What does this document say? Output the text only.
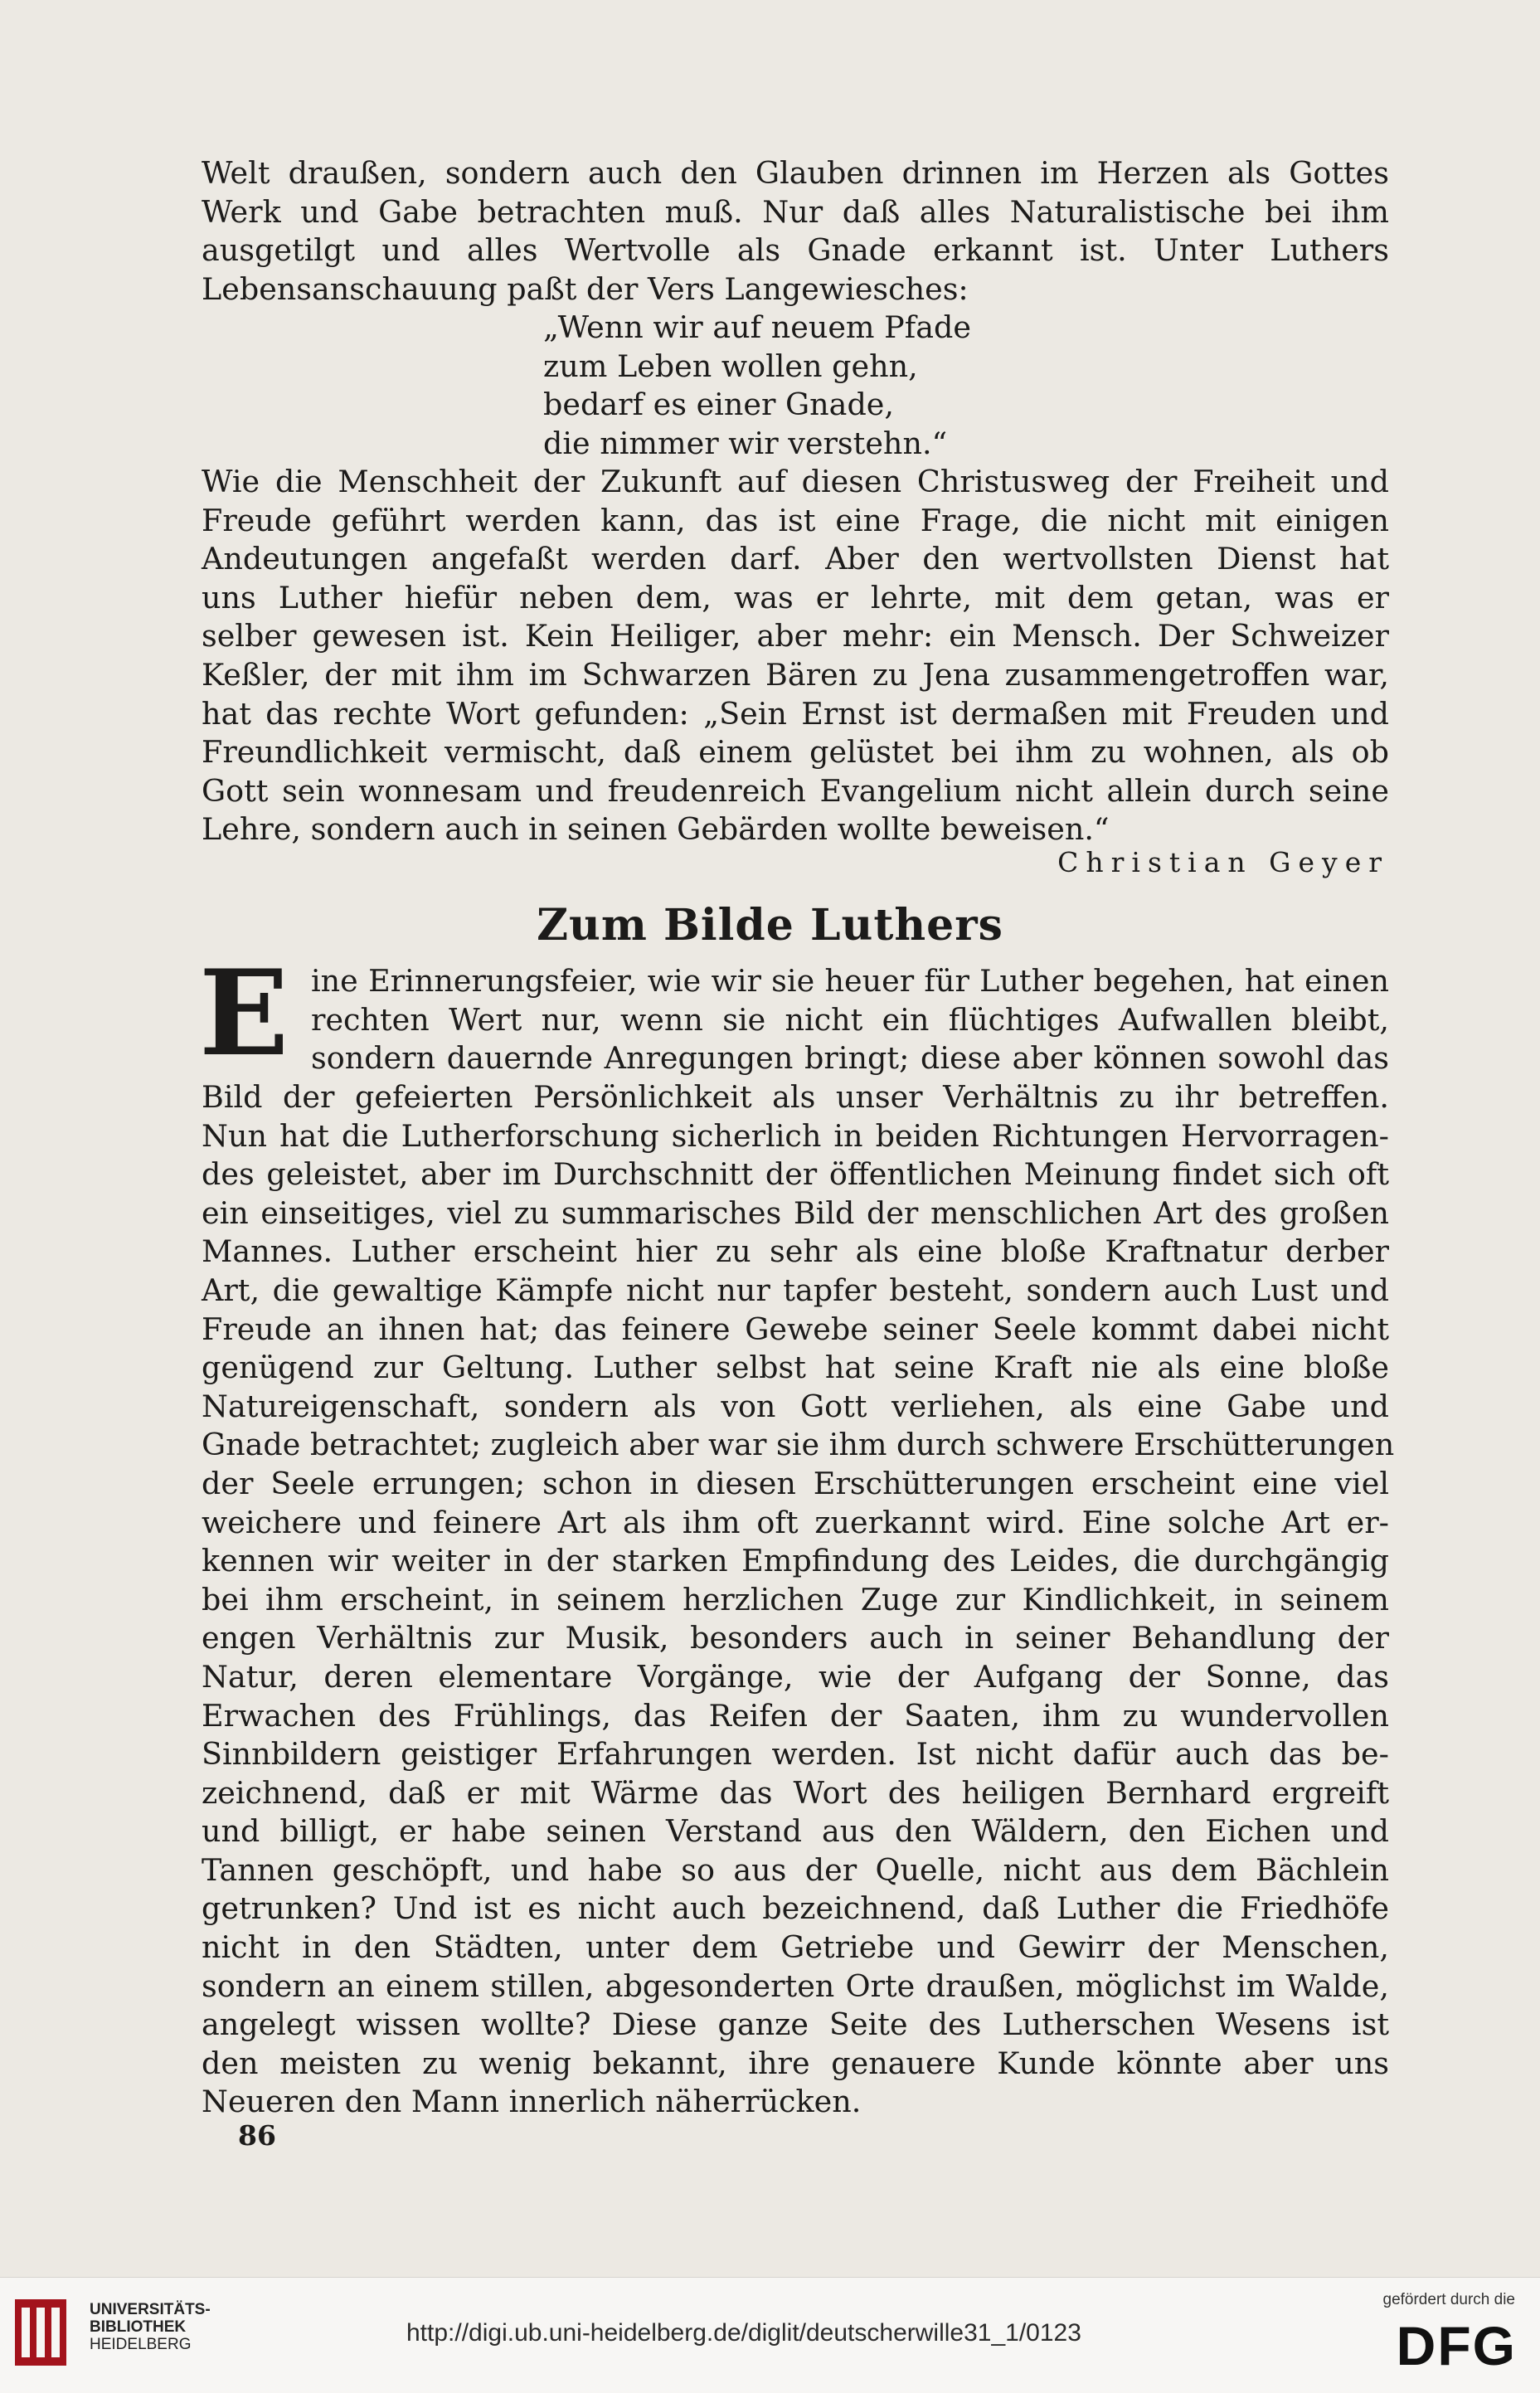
Welt draußen, sondern auch den Glauben drinnen im Herzen als Gottes

Werk und Gabe betrachten muß. Nur daß alles Naturalistische bei ihm

ausgetilgt und alles Wertvolle als Gnade erkannt ist. Unter Luthers

Lebensanschauung paßt der Vers Langewiesches:

„Wenn wir auf neuem Pfade

zum Leben wollen gehn,

bedarf es einer Gnade,

die nimmer wir verstehn.“

Wie die Menschheit der Zukunft auf diesen Christusweg der Freiheit und

Freude geführt werden kann, das ist eine Frage, die nicht mit einigen

Andeutungen angefaßt werden darf. Aber den wertvollsten Dienst hat

uns Luther hiefür neben dem, was er lehrte, mit dem getan, was er

selber gewesen ist. Kein Heiliger, aber mehr: ein Mensch. Der Schweizer

Keßler, der mit ihm im Schwarzen Bären zu Jena zusammengetroffen war,

hat das rechte Wort gefunden: „Sein Ernst ist dermaßen mit Freuden und

Freundlichkeit vermischt, daß einem gelüstet bei ihm zu wohnen, als ob

Gott sein wonnesam und freudenreich Evangelium nicht allein durch seine

Lehre, sondern auch in seinen Gebärden wollte beweisen.“

Christian Geyer
Zum Bilde Luthers
E ine Erinnerungsfeier, wie wir sie heuer für Luther begehen, hat einen

rechten Wert nur, wenn sie nicht ein flüchtiges Aufwallen bleibt,

sondern dauernde Anregungen bringt; diese aber können sowohl das

Bild der gefeierten Persönlichkeit als unser Verhältnis zu ihr betreffen.

Nun hat die Lutherforschung sicherlich in beiden Richtungen Hervorragen-

des geleistet, aber im Durchschnitt der öffentlichen Meinung findet sich oft

ein einseitiges, viel zu summarisches Bild der menschlichen Art des großen

Mannes. Luther erscheint hier zu sehr als eine bloße Kraftnatur derber

Art, die gewaltige Kämpfe nicht nur tapfer besteht, sondern auch Lust und

Freude an ihnen hat; das feinere Gewebe seiner Seele kommt dabei nicht

genügend zur Geltung. Luther selbst hat seine Kraft nie als eine bloße

Natureigenschaft, sondern als von Gott verliehen, als eine Gabe und

Gnade betrachtet; zugleich aber war sie ihm durch schwere Erschütterungen

der Seele errungen; schon in diesen Erschütterungen erscheint eine viel

weichere und feinere Art als ihm oft zuerkannt wird. Eine solche Art er-

kennen wir weiter in der starken Empfindung des Leides, die durchgängig

bei ihm erscheint, in seinem herzlichen Zuge zur Kindlichkeit, in seinem

engen Verhältnis zur Musik, besonders auch in seiner Behandlung der

Natur, deren elementare Vorgänge, wie der Aufgang der Sonne, das

Erwachen des Frühlings, das Reifen der Saaten, ihm zu wundervollen

Sinnbildern geistiger Erfahrungen werden. Ist nicht dafür auch das be-

zeichnend, daß er mit Wärme das Wort des heiligen Bernhard ergreift

und billigt, er habe seinen Verstand aus den Wäldern, den Eichen und

Tannen geschöpft, und habe so aus der Quelle, nicht aus dem Bächlein

getrunken? Und ist es nicht auch bezeichnend, daß Luther die Friedhöfe

nicht in den Städten, unter dem Getriebe und Gewirr der Menschen,

sondern an einem stillen, abgesonderten Orte draußen, möglichst im Walde,

angelegt wissen wollte? Diese ganze Seite des Lutherschen Wesens ist

den meisten zu wenig bekannt, ihre genauere Kunde könnte aber uns

Neueren den Mann innerlich näherrücken.

86
UNIVERSITÄTS-
BIBLIOTHEK
HEIDELBERG	http://digi.ub.uni-heidelberg.de/diglit/deutscherwille31_1/0123
gefördert durch die
DFG
